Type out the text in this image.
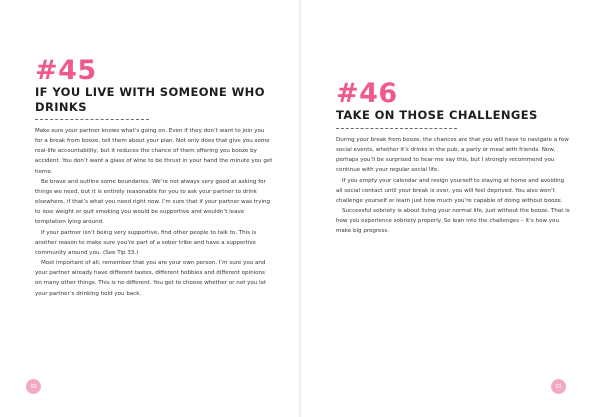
#45
IF YOU LIVE WITH SOMEONE WHO
DRINKS

Make sure your partner knows what’s going on. Even if they don’t want to join you for a break from booze, tell them about your plan. Not only does that give you some real-life accountability, but it reduces the chance of them offering you booze by accident. You don’t want a glass of wine to be thrust in your hand the minute you get home.

Be brave and outline some boundaries. We’re not always very good at asking for things we need, but it is entirely reasonable for you to ask your partner to drink elsewhere, if that’s what you need right now. I’m sure that if your partner was trying to lose weight or quit smoking you would be supportive and wouldn’t leave temptation lying around.

If your partner isn’t being very supportive, find other people to talk to. This is another reason to make sure you’re part of a sober tribe and have a supportive community around you. (See Tip 33.)

Most important of all, remember that you are your own person. I’m sure you and your partner already have different tastes, different hobbies and different opinions on many other things. This is no different. You get to choose whether or not you let your partner’s drinking hold you back.

60
#46
TAKE ON THOSE CHALLENGES

During your break from booze, the chances are that you will have to navigate a few social events, whether it’s drinks in the pub, a party or meal with friends. Now, perhaps you’ll be surprised to hear me say this, but I strongly recommend you continue with your regular social life.

If you empty your calendar and resign yourself to staying at home and avoiding all social contact until your break is over, you will feel deprived. You also won’t challenge yourself or learn just how much you’re capable of doing without booze.

Successful sobriety is about living your normal life, just without the booze. That is how you experience sobriety properly. So lean into the challenges – it’s how you make big progress.

61
